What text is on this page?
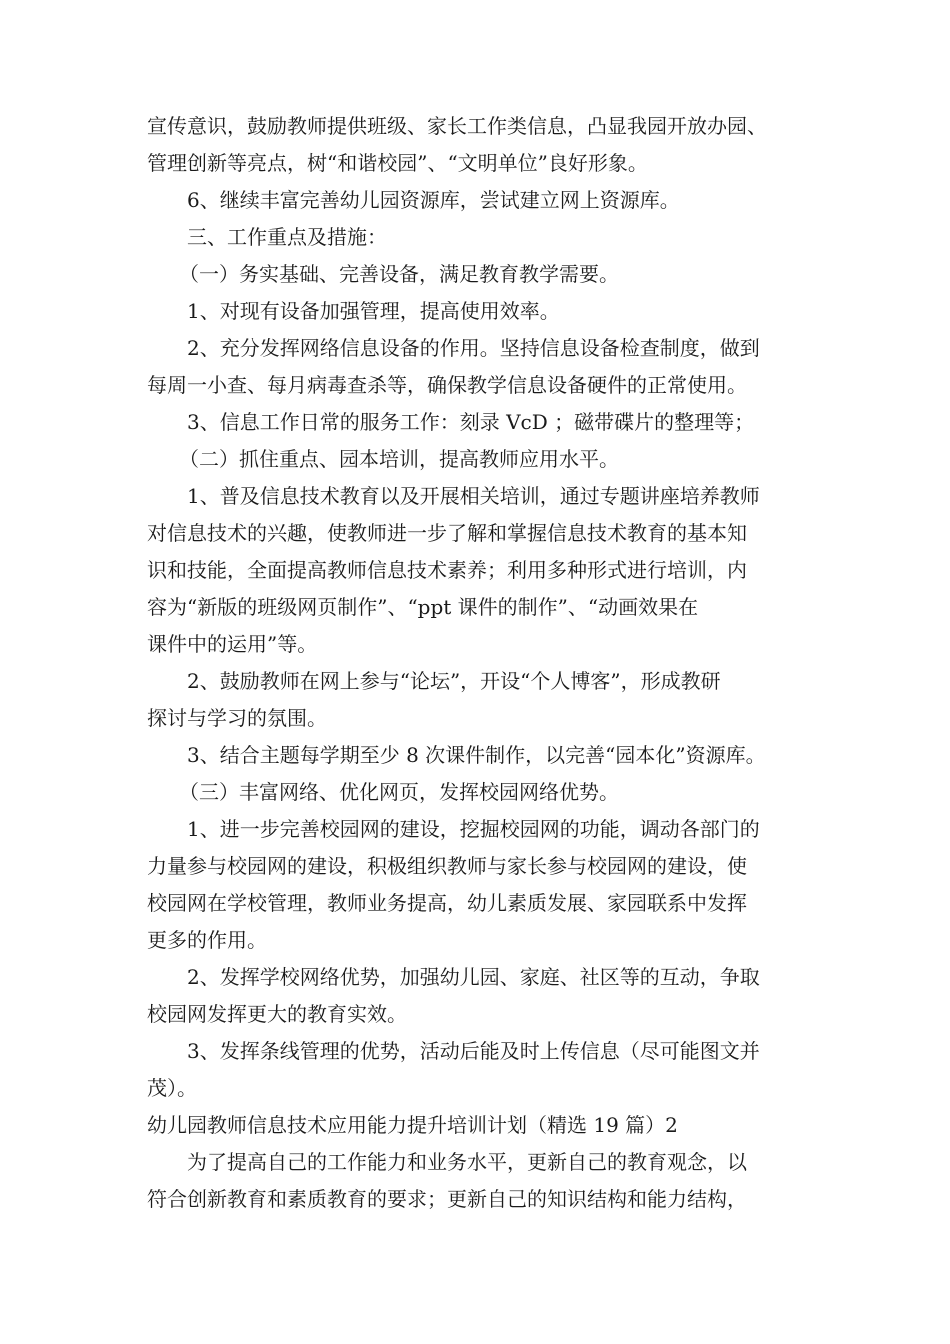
宣传意识，鼓励教师提供班级、家长工作类信息，凸显我园开放办园、
管理创新等亮点，树“和谐校园”、“文明单位”良好形象。
6、继续丰富完善幼儿园资源库，尝试建立网上资源库。
三、工作重点及措施：
（一）务实基础、完善设备，满足教育教学需要。
1、对现有设备加强管理，提高使用效率。
2、充分发挥网络信息设备的作用。坚持信息设备检查制度，做到
每周一小查、每月病毒查杀等，确保教学信息设备硬件的正常使用。
3、信息工作日常的服务工作：刻录 VcD ；磁带碟片的整理等；
（二）抓住重点、园本培训，提高教师应用水平。
1、普及信息技术教育以及开展相关培训，通过专题讲座培养教师
对信息技术的兴趣，使教师进一步了解和掌握信息技术教育的基本知
识和技能，全面提高教师信息技术素养；利用多种形式进行培训，内
容为“新版的班级网页制作”、“ppt 课件的制作”、“动画效果在
课件中的运用”等。
2、鼓励教师在网上参与“论坛”，开设“个人博客”，形成教研
探讨与学习的氛围。
3、结合主题每学期至少 8 次课件制作，以完善“园本化”资源库。
（三）丰富网络、优化网页，发挥校园网络优势。
1、进一步完善校园网的建设，挖掘校园网的功能，调动各部门的
力量参与校园网的建设，积极组织教师与家长参与校园网的建设，使
校园网在学校管理，教师业务提高，幼儿素质发展、家园联系中发挥
更多的作用。
2、发挥学校网络优势，加强幼儿园、家庭、社区等的互动，争取
校园网发挥更大的教育实效。
3、发挥条线管理的优势，活动后能及时上传信息（尽可能图文并
茂）。
幼儿园教师信息技术应用能力提升培训计划（精选 19 篇）2
为了提高自己的工作能力和业务水平，更新自己的教育观念，以
符合创新教育和素质教育的要求；更新自己的知识结构和能力结构，
